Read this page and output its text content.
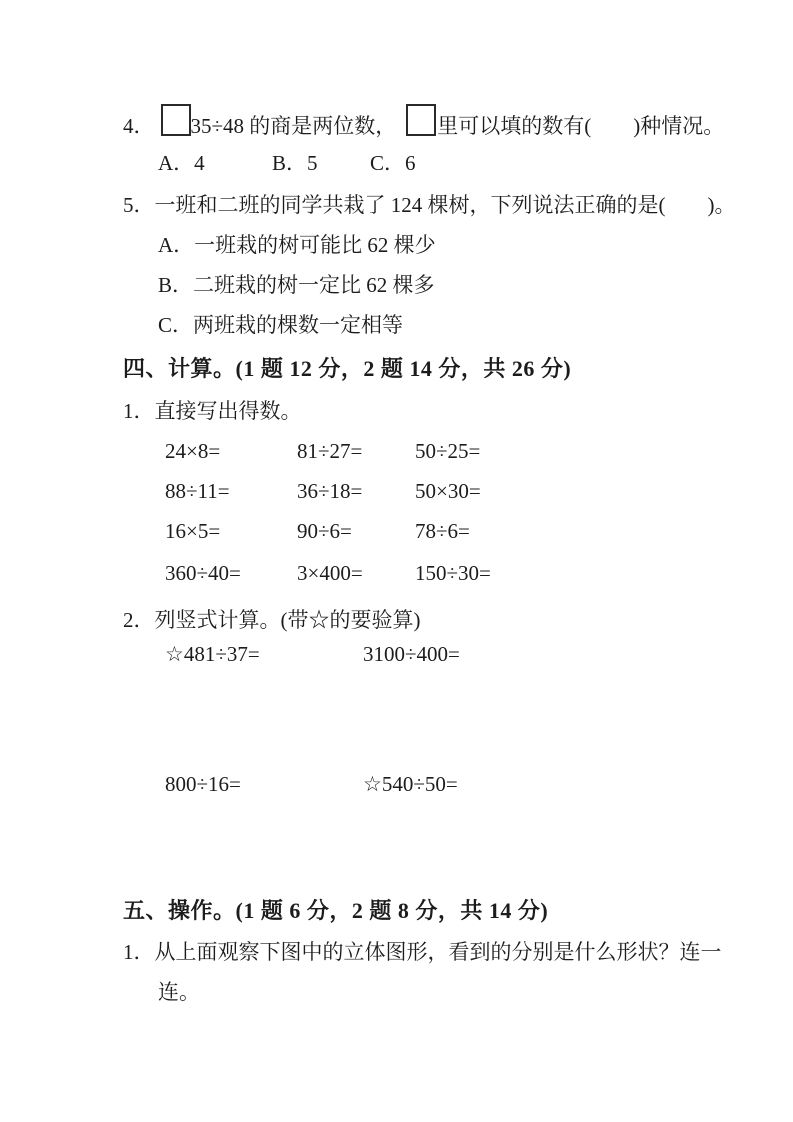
4． 35÷48 的商是两位数， 里可以填的数有(　　)种情况。
A．4	B．5 C．6
5．一班和二班的同学共栽了 124 棵树，下列说法正确的是(　　)。
A．一班栽的树可能比 62 棵少
B．二班栽的树一定比 62 棵多
C．两班栽的棵数一定相等
四、计算。(1 题 12 分，2 题 14 分，共 26 分)
1．直接写出得数。
24×8=	81÷27=	50÷25=
88÷11=	36÷18=	50×30=
16×5=	90÷6=	78÷6=
360÷40=	3×400=	150÷30=
2．列竖式计算。(带☆的要验算)
☆481÷37=	3100÷400=
800÷16=	☆540÷50=
五、操作。(1 题 6 分，2 题 8 分，共 14 分)
1．从上面观察下图中的立体图形，看到的分别是什么形状？连一
连。
